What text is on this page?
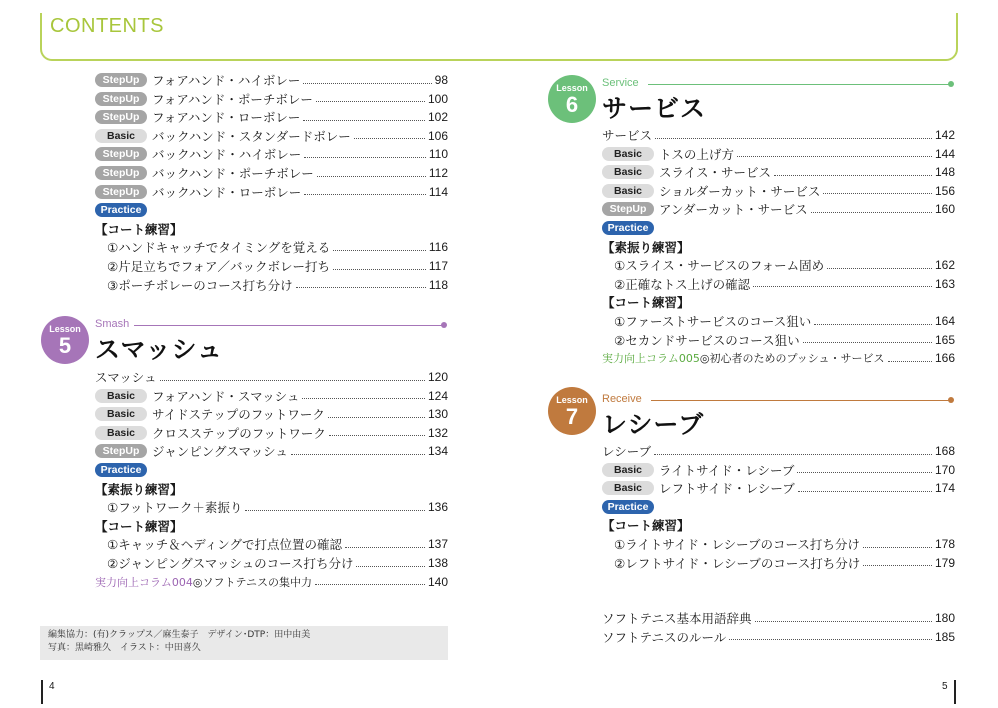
CONTENTS
StepUp	フォアハンド・ハイボレー	98
StepUp	フォアハンド・ポーチボレー	100
StepUp	フォアハンド・ローボレー	102
Basic	バックハンド・スタンダードボレー	106
StepUp	バックハンド・ハイボレー	110
StepUp	バックハンド・ポーチボレー	112
StepUp	バックハンド・ローボレー	114
Practice
【コート練習】
①ハンドキャッチでタイミングを覚える	116
②片足立ちでフォア／バックボレー打ち	117
③ポーチボレーのコース打ち分け	118
スマッシュ	120
Basic	フォアハンド・スマッシュ	124
Basic	サイドステップのフットワーク	130
Basic	クロスステップのフットワーク	132
StepUp	ジャンピングスマッシュ	134
Practice
【素振り練習】
①フットワーク＋素振り	136
【コート練習】
①キャッチ＆ヘディングで打点位置の確認	137
②ジャンピングスマッシュのコース打ち分け	138
実力向上コラム004 ◎ソフトテニスの集中力	140
サービス	142
Basic	トスの上げ方	144
Basic	スライス・サービス	148
Basic	ショルダーカット・サービス	156
StepUp	アンダーカット・サービス	160
Practice
【素振り練習】
①スライス・サービスのフォーム固め	162
②正確なトス上げの確認	163
【コート練習】
①ファーストサービスのコース狙い	164
②セカンドサービスのコース狙い	165
実力向上コラム005 ◎初心者のためのプッシュ・サービス	166
レシーブ	168
Basic	ライトサイド・レシーブ	170
Basic	レフトサイド・レシーブ	174
Practice
【コート練習】
①ライトサイド・レシーブのコース打ち分け	178
②レフトサイド・レシーブのコース打ち分け	179
ソフトテニス基本用語辞典	180
ソフトテニスのルール	185
Lesson
5
Smash
スマッシュ
Lesson
6
Service
サービス
Lesson
7
Receive
レシーブ
編集協力：(有)クラップス／麻生泰子　デザイン･DTP：田中由美
写真：黒崎雅久　イラスト：中田喜久
4	5
